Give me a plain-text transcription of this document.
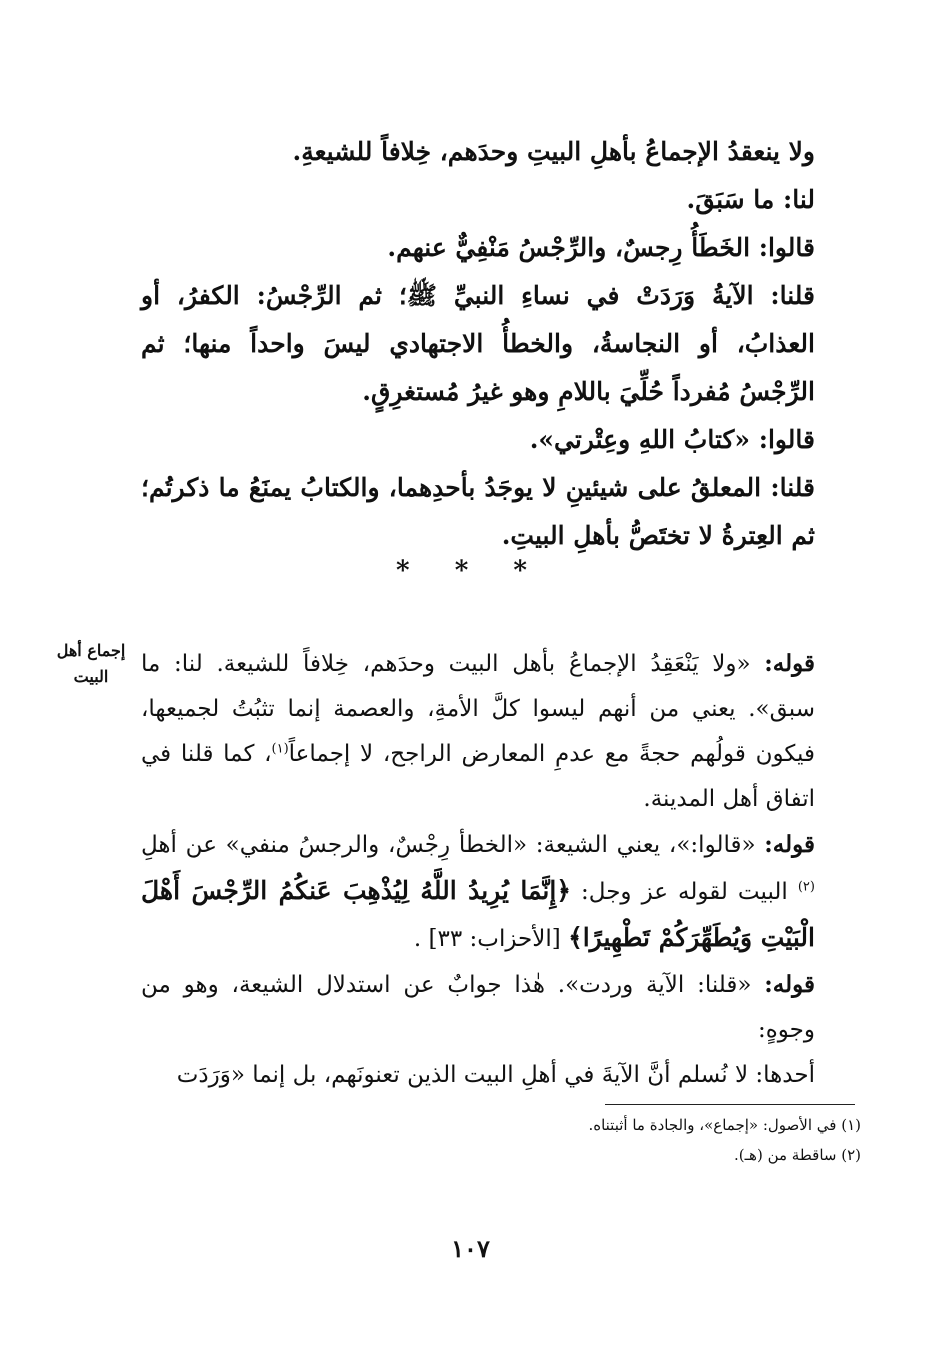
ولا ينعقدُ الإجماعُ بأهلِ البيتِ وحدَهم، خِلافاً للشيعةِ.

لنا: ما سَبَقَ.

قالوا: الخَطَأُ رِجسٌ، والرِّجْسُ مَنْفِيٌّ عنهم.

قلنا: الآيةُ وَرَدَتْ في نساءِ النبيِّ ﷺ؛ ثم الرِّجْسُ: الكفرُ، أو العذابُ، أو النجاسةُ، والخطأُ الاجتهادي ليسَ واحداً منها؛ ثم الرِّجْسُ مُفرداً حُلِّيَ باللامِ وهو غيرُ مُستغرِقٍ.

قالوا: «كتابُ اللهِ وعِتْرتي».

قلنا: المعلقُ على شيئينِ لا يوجَدُ بأحدِهما، والكتابُ يمنَعُ ما ذكرتُم؛ ثم العِترةُ لا تختَصُّ بأهلِ البيتِ.

* * *
إجماع أهل البيت	قوله: «ولا يَنْعَقِدُ الإجماعُ بأهل البيت وحدَهم، خِلافاً للشيعة. لنا: ما سبق». يعني من أنهم ليسوا كلَّ الأمةِ، والعصمة إنما تثبُتُ لجميعها، فيكون قولُهم حجةً مع عدمِ المعارض الراجح، لا إجماعاً$^{(١)}$، كما قلنا في اتفاق أهل المدينة.

قوله: «قالوا:»، يعني الشيعة: «الخطأ رِجْسٌ، والرجسُ منفي» عن أهلِ $^{(٢)}$ البيت لقوله عز وجل: ﴿إِنَّمَا يُرِيدُ اللَّهُ لِيُذْهِبَ عَنكُمُ الرِّجْسَ أَهْلَ الْبَيْتِ وَيُطَهِّرَكُمْ تَطْهِيرًا﴾ [الأحزاب: ٣٣] .

قوله: «قلنا: الآية وردت». هٰذا جوابٌ عن استدلال الشيعة، وهو من وجوهٍ:

أحدها: لا نُسلم أنَّ الآيةَ في أهلِ البيت الذين تعنونَهم، بل إنما «وَرَدَت

(١) في الأصول: «إجماع»، والجادة ما أثبتناه.

(٢) ساقطة من (هـ).

١٠٧
